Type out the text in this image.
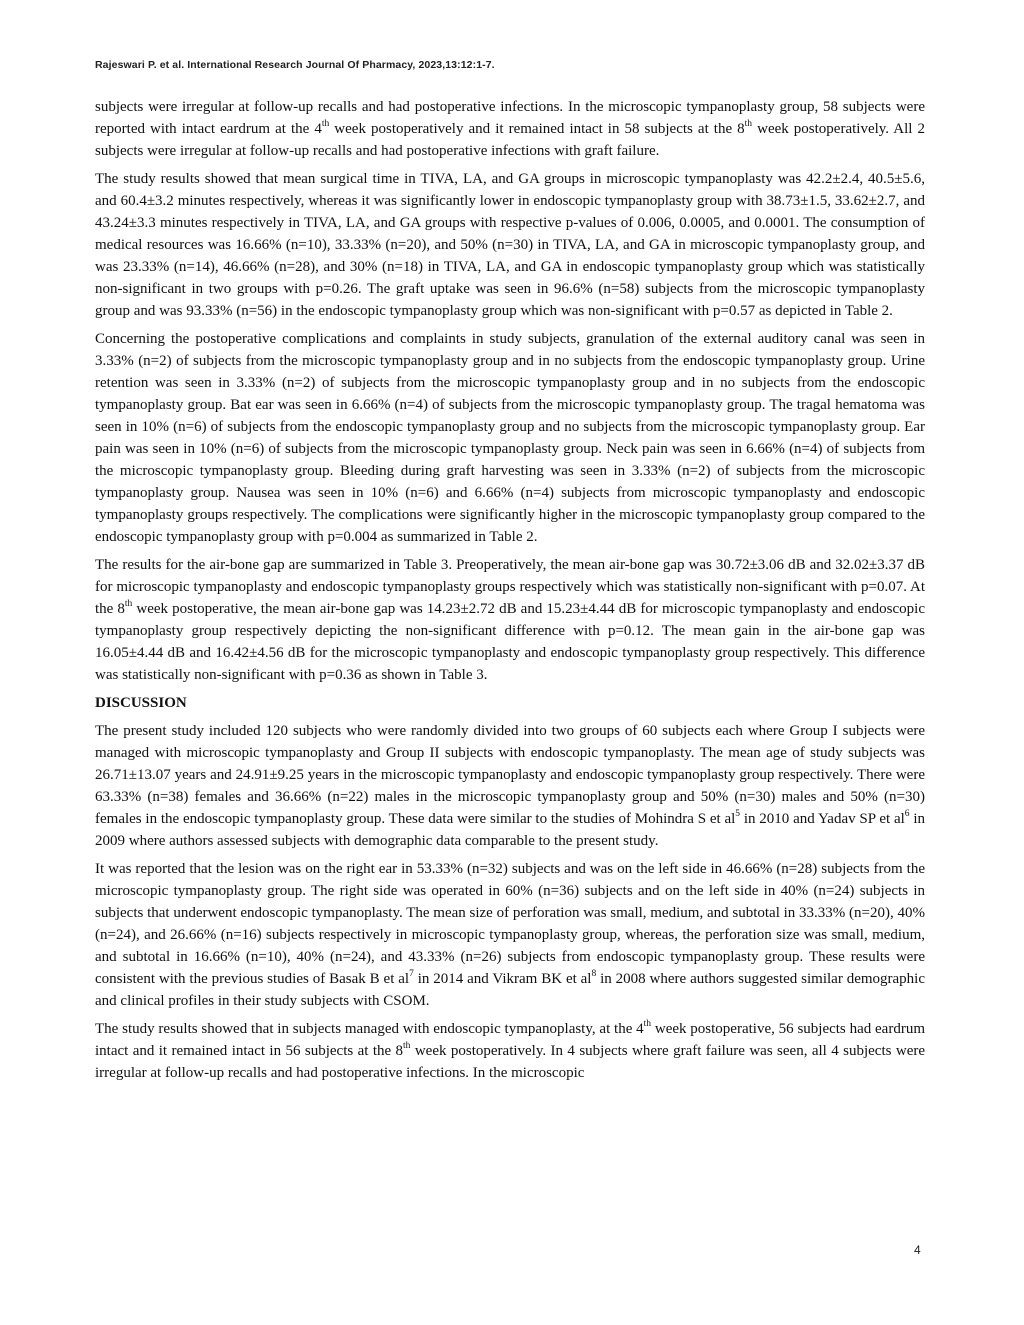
Rajeswari P. et al. International Research Journal Of Pharmacy, 2023,13:12:1-7.

subjects were irregular at follow-up recalls and had postoperative infections. In the microscopic tympanoplasty group, 58 subjects were reported with intact eardrum at the 4th week postoperatively and it remained intact in 58 subjects at the 8th week postoperatively. All 2 subjects were irregular at follow-up recalls and had postoperative infections with graft failure.

The study results showed that mean surgical time in TIVA, LA, and GA groups in microscopic tympanoplasty was 42.2±2.4, 40.5±5.6, and 60.4±3.2 minutes respectively, whereas it was significantly lower in endoscopic tympanoplasty group with 38.73±1.5, 33.62±2.7, and 43.24±3.3 minutes respectively in TIVA, LA, and GA groups with respective p-values of 0.006, 0.0005, and 0.0001. The consumption of medical resources was 16.66% (n=10), 33.33% (n=20), and 50% (n=30) in TIVA, LA, and GA in microscopic tympanoplasty group, and was 23.33% (n=14), 46.66% (n=28), and 30% (n=18) in TIVA, LA, and GA in endoscopic tympanoplasty group which was statistically non-significant in two groups with p=0.26. The graft uptake was seen in 96.6% (n=58) subjects from the microscopic tympanoplasty group and was 93.33% (n=56) in the endoscopic tympanoplasty group which was non-significant with p=0.57 as depicted in Table 2.

Concerning the postoperative complications and complaints in study subjects, granulation of the external auditory canal was seen in 3.33% (n=2) of subjects from the microscopic tympanoplasty group and in no subjects from the endoscopic tympanoplasty group. Urine retention was seen in 3.33% (n=2) of subjects from the microscopic tympanoplasty group and in no subjects from the endoscopic tympanoplasty group. Bat ear was seen in 6.66% (n=4) of subjects from the microscopic tympanoplasty group. The tragal hematoma was seen in 10% (n=6) of subjects from the endoscopic tympanoplasty group and no subjects from the microscopic tympanoplasty group. Ear pain was seen in 10% (n=6) of subjects from the microscopic tympanoplasty group. Neck pain was seen in 6.66% (n=4) of subjects from the microscopic tympanoplasty group. Bleeding during graft harvesting was seen in 3.33% (n=2) of subjects from the microscopic tympanoplasty group. Nausea was seen in 10% (n=6) and 6.66% (n=4) subjects from microscopic tympanoplasty and endoscopic tympanoplasty groups respectively. The complications were significantly higher in the microscopic tympanoplasty group compared to the endoscopic tympanoplasty group with p=0.004 as summarized in Table 2.

The results for the air-bone gap are summarized in Table 3. Preoperatively, the mean air-bone gap was 30.72±3.06 dB and 32.02±3.37 dB for microscopic tympanoplasty and endoscopic tympanoplasty groups respectively which was statistically non-significant with p=0.07. At the 8th week postoperative, the mean air-bone gap was 14.23±2.72 dB and 15.23±4.44 dB for microscopic tympanoplasty and endoscopic tympanoplasty group respectively depicting the non-significant difference with p=0.12. The mean gain in the air-bone gap was 16.05±4.44 dB and 16.42±4.56 dB for the microscopic tympanoplasty and endoscopic tympanoplasty group respectively. This difference was statistically non-significant with p=0.36 as shown in Table 3.

DISCUSSION

The present study included 120 subjects who were randomly divided into two groups of 60 subjects each where Group I subjects were managed with microscopic tympanoplasty and Group II subjects with endoscopic tympanoplasty. The mean age of study subjects was 26.71±13.07 years and 24.91±9.25 years in the microscopic tympanoplasty and endoscopic tympanoplasty group respectively. There were 63.33% (n=38) females and 36.66% (n=22) males in the microscopic tympanoplasty group and 50% (n=30) males and 50% (n=30) females in the endoscopic tympanoplasty group. These data were similar to the studies of Mohindra S et $al^5$ in 2010 and Yadav SP et $al^6$ in 2009 where authors assessed subjects with demographic data comparable to the present study.

It was reported that the lesion was on the right ear in 53.33% (n=32) subjects and was on the left side in 46.66% (n=28) subjects from the microscopic tympanoplasty group. The right side was operated in 60% (n=36) subjects and on the left side in 40% (n=24) subjects in subjects that underwent endoscopic tympanoplasty. The mean size of perforation was small, medium, and subtotal in 33.33% (n=20), 40% (n=24), and 26.66% (n=16) subjects respectively in microscopic tympanoplasty group, whereas, the perforation size was small, medium, and subtotal in 16.66% (n=10), 40% (n=24), and 43.33% (n=26) subjects from endoscopic tympanoplasty group. These results were consistent with the previous studies of Basak B et $al^7$ in 2014 and Vikram BK et $al^8$ in 2008 where authors suggested similar demographic and clinical profiles in their study subjects with CSOM.

The study results showed that in subjects managed with endoscopic tympanoplasty, at the 4th week postoperative, 56 subjects had eardrum intact and it remained intact in 56 subjects at the 8th week postoperatively. In 4 subjects where graft failure was seen, all 4 subjects were irregular at follow-up recalls and had postoperative infections. In the microscopic

4
